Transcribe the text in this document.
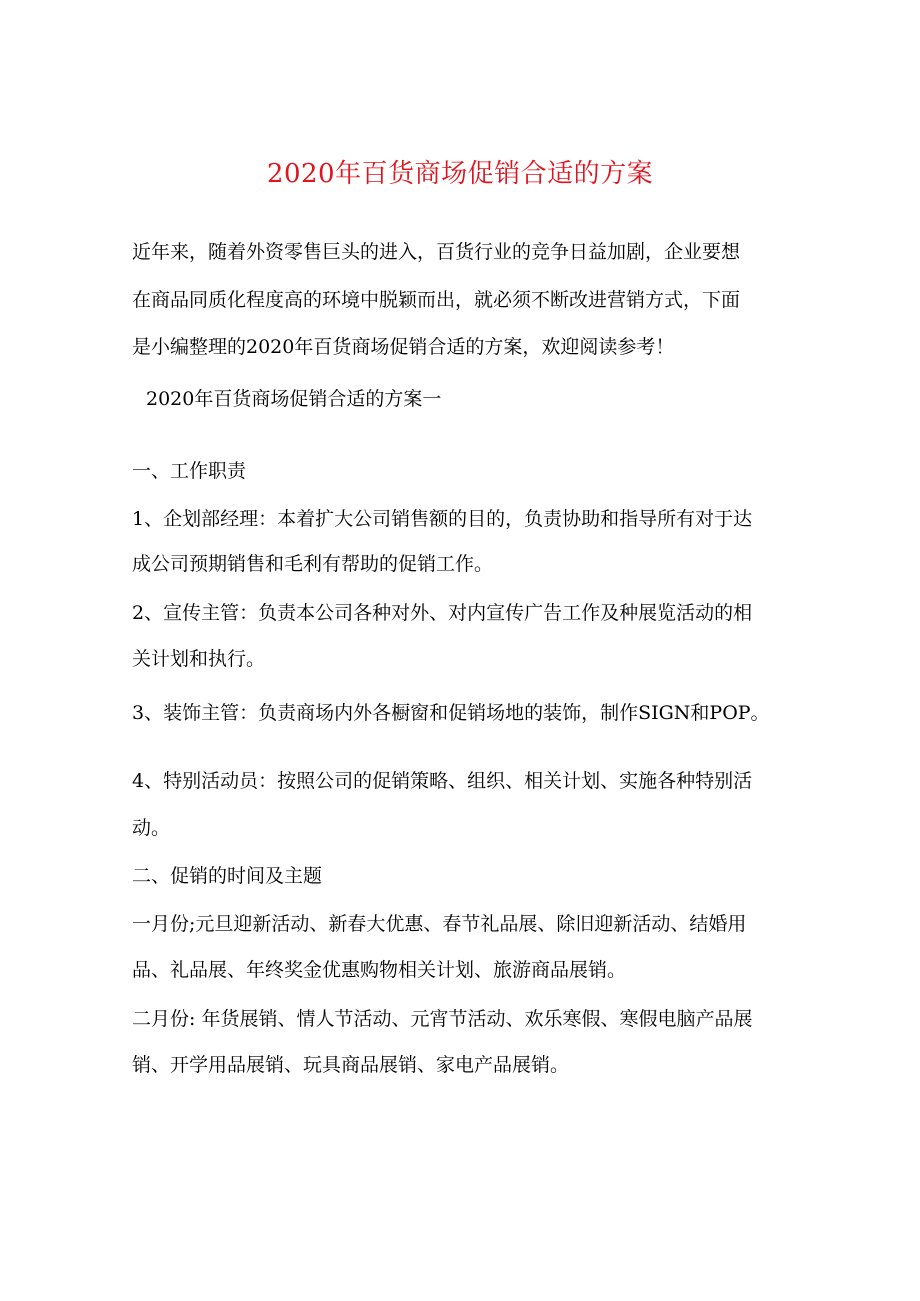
2020年百货商场促销合适的方案
近年来，随着外资零售巨头的进入，百货行业的竞争日益加剧，企业要想
在商品同质化程度高的环境中脱颖而出，就必须不断改进营销方式，下面
是小编整理的2020年百货商场促销合适的方案，欢迎阅读参考！
2020年百货商场促销合适的方案一
一、工作职责
1、企划部经理：本着扩大公司销售额的目的，负责协助和指导所有对于达
成公司预期销售和毛利有帮助的促销工作。
2、宣传主管：负责本公司各种对外、对内宣传广告工作及种展览活动的相
关计划和执行。
3、装饰主管：负责商场内外各橱窗和促销场地的装饰，制作SIGN和POP。
4、特别活动员：按照公司的促销策略、组织、相关计划、实施各种特别活
动。
二、促销的时间及主题
一月份;元旦迎新活动、新春大优惠、春节礼品展、除旧迎新活动、结婚用
品、礼品展、年终奖金优惠购物相关计划、旅游商品展销。
二月份: 年货展销、情人节活动、元宵节活动、欢乐寒假、寒假电脑产品展
销、开学用品展销、玩具商品展销、家电产品展销。
